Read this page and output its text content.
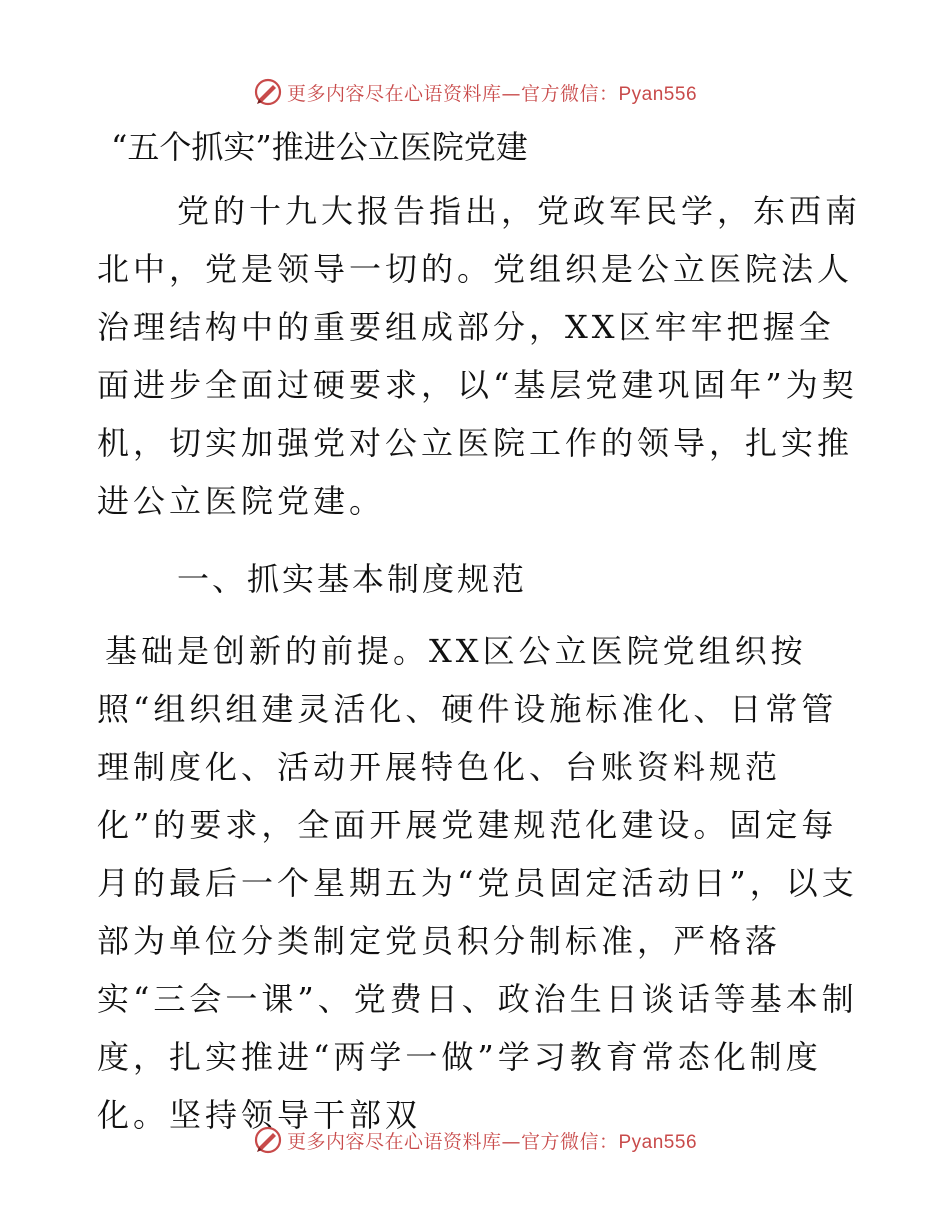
更多内容尽在心语资料库—官方微信：Pyan556

“五个抓实”推进公立医院党建

党的十九大报告指出，党政军民学，东西南北中，党是领导一切的。党组织是公立医院法人治理结构中的重要组成部分，XX区牢牢把握全面进步全面过硬要求，以“基层党建巩固年”为契机，切实加强党对公立医院工作的领导，扎实推进公立医院党建。

一、抓实基本制度规范

基础是创新的前提。XX区公立医院党组织按
照“组织组建灵活化、硬件设施标准化、日常管理制度化、活动开展特色化、台账资料规范化”的要求，全面开展党建规范化建设。固定每月的最后一个星期五为“党员固定活动日”，以支部为单位分类制定党员积分制标准，严格落实“三会一课”、党费日、政治生日谈话等基本制度，扎实推进“两学一做”学习教育常态化制度化。坚持领导干部双

更多内容尽在心语资料库—官方微信：Pyan556
